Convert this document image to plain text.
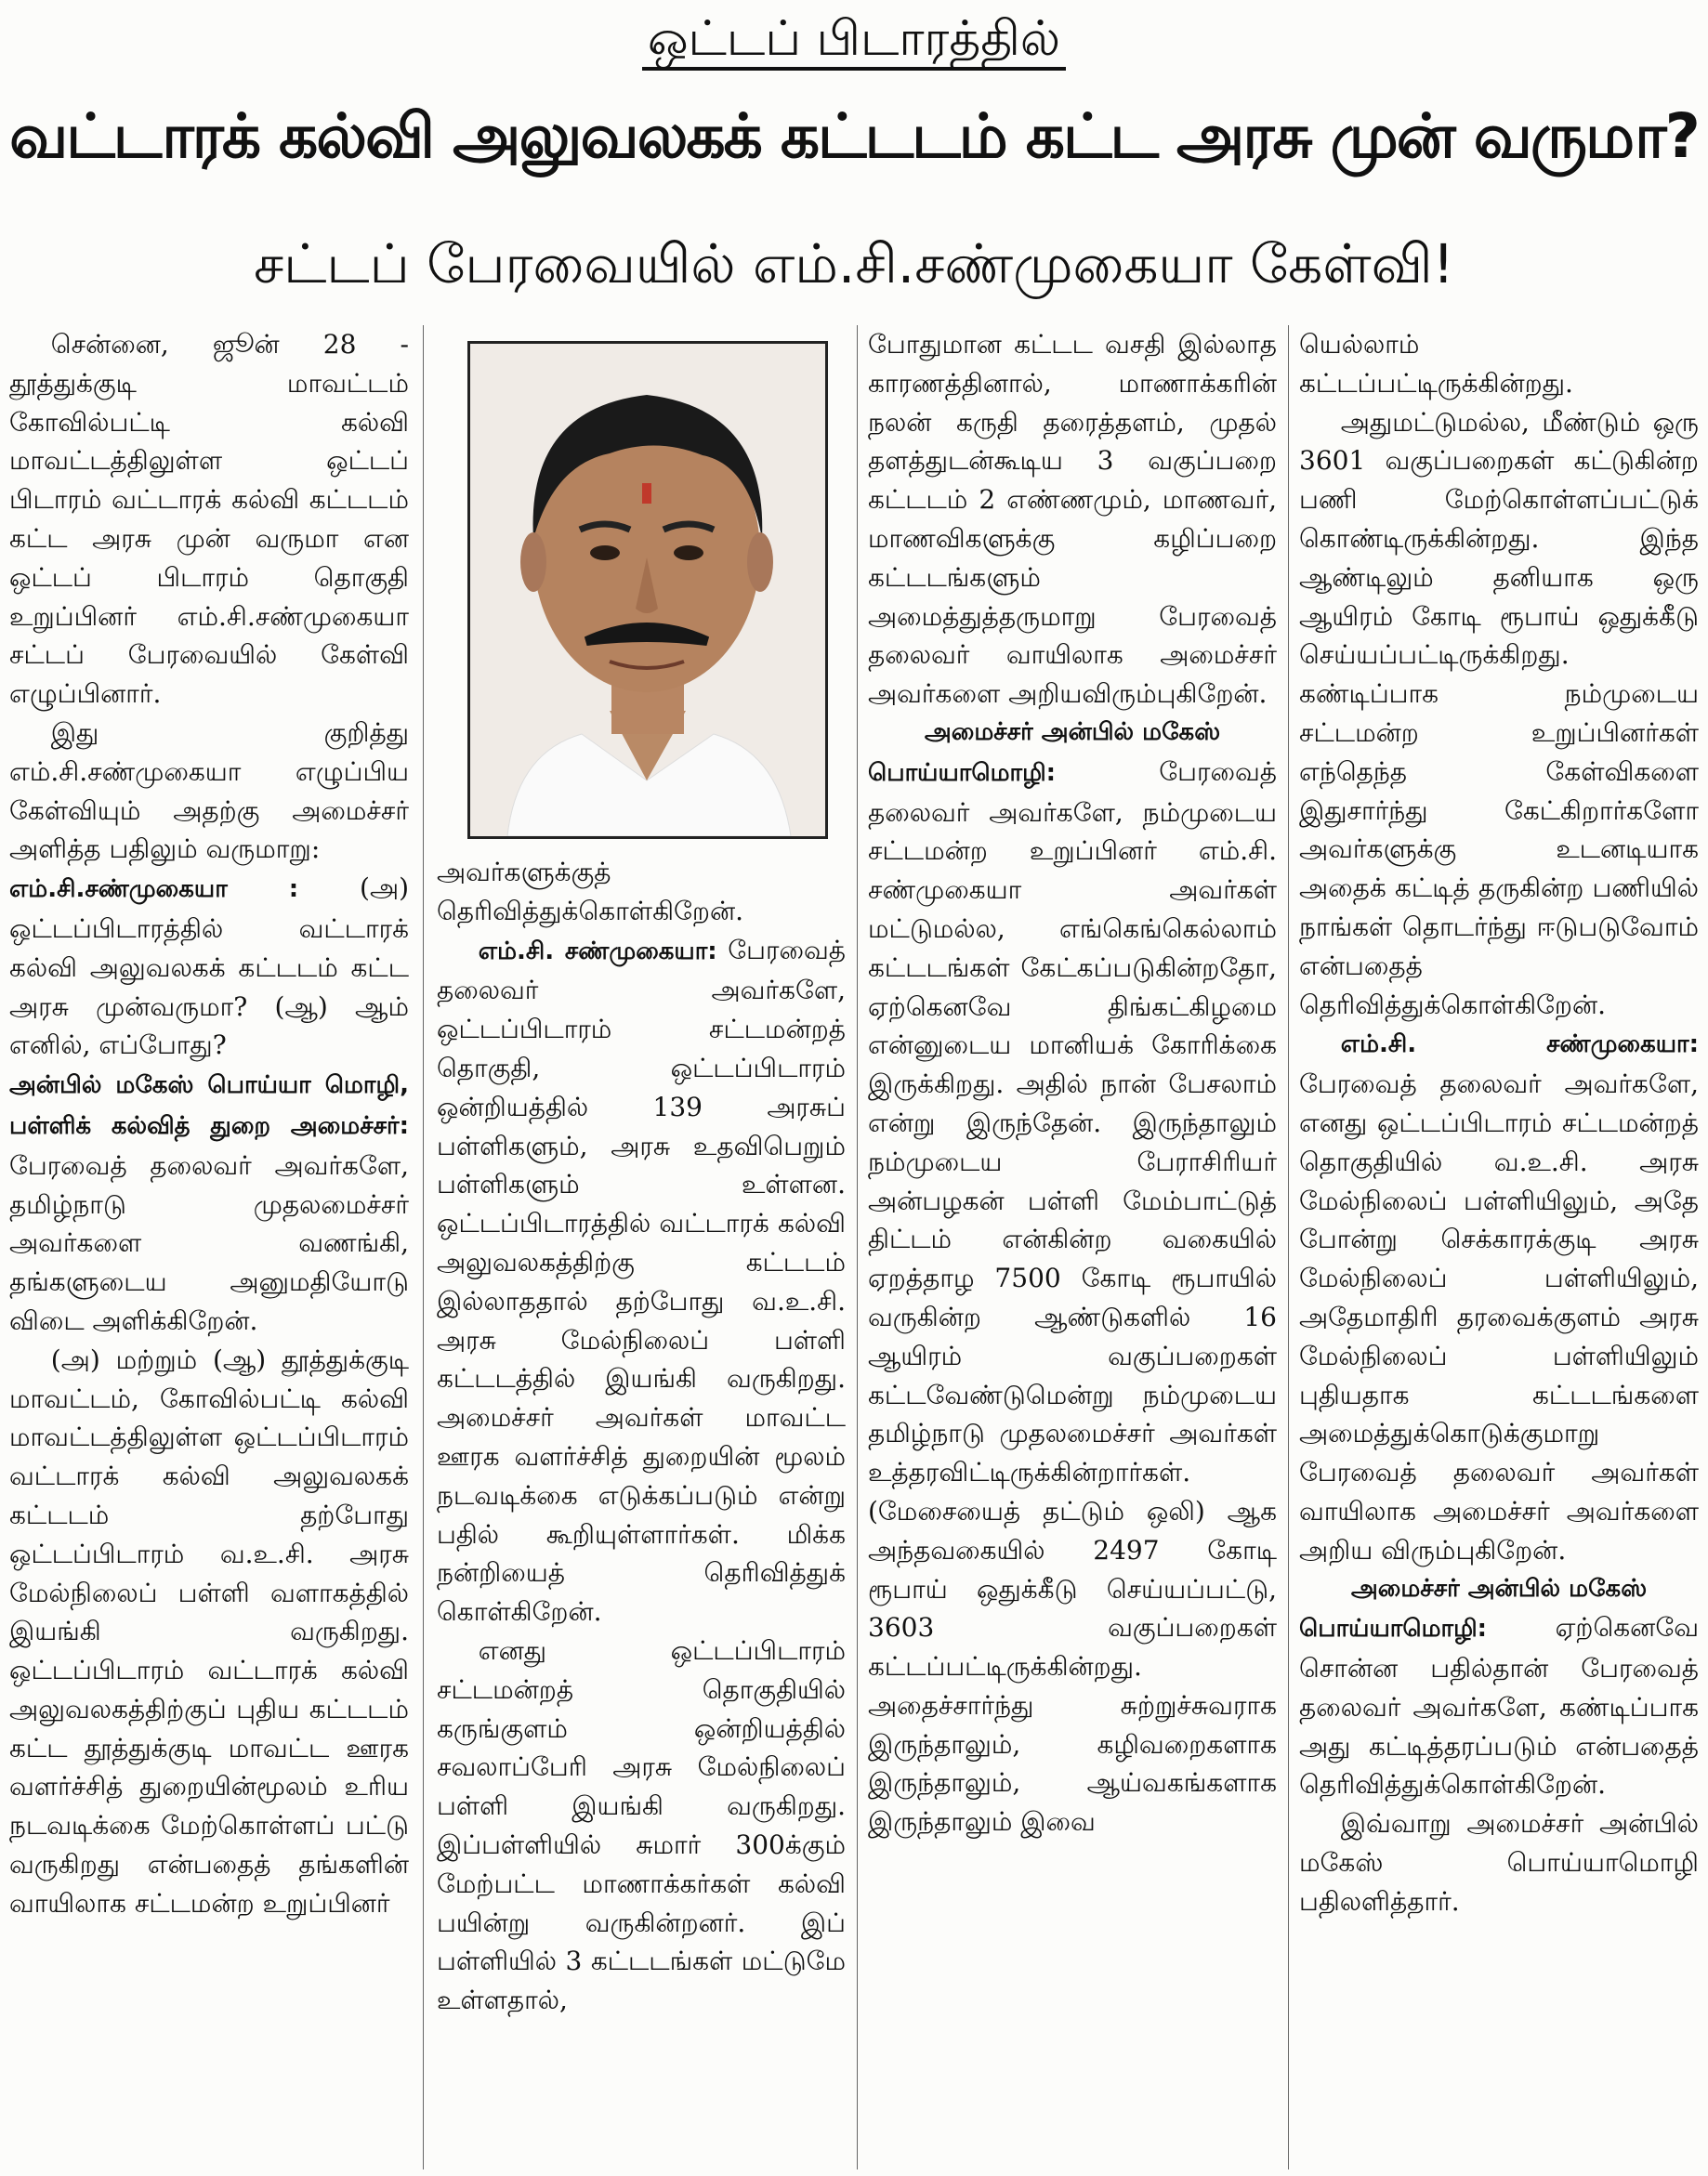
ஒட்டப் பிடாரத்தில்
வட்டாரக் கல்வி அலுவலகக் கட்டடம் கட்ட அரசு முன் வருமா?
சட்டப் பேரவையில் எம்.சி.சண்முகையா கேள்வி!

சென்னை, ஜூன் 28 - தூத்துக்குடி மாவட்டம் கோவில்பட்டி கல்வி மாவட்டத்திலுள்ள ஒட்டப் பிடாரம் வட்டாரக் கல்வி கட்டடம் கட்ட அரசு முன் வருமா என ஒட்டப் பிடாரம் தொகுதி உறுப்பினர் எம்.சி.சண்முகையா சட்டப் பேரவையில் கேள்வி எழுப்பினார்.

இது குறித்து எம்.சி.சண்முகையா எழுப்பிய கேள்வியும் அதற்கு அமைச்சர் அளித்த பதிலும் வருமாறு:

எம்.சி.சண்முகையா : (அ) ஒட்டப்பிடாரத்தில் வட்டாரக் கல்வி அலுவலகக் கட்டடம் கட்ட அரசு முன்வருமா? (ஆ) ஆம் எனில், எப்போது?

அன்பில் மகேஸ் பொய்யா மொழி, பள்ளிக் கல்வித் துறை அமைச்சர்: பேரவைத் தலைவர் அவர்களே, தமிழ்நாடு முதலமைச்சர் அவர்களை வணங்கி, தங்களுடைய அனுமதியோடு விடை அளிக்கிறேன்.

(அ) மற்றும் (ஆ) தூத்துக்குடி மாவட்டம், கோவில்பட்டி கல்வி மாவட்டத்திலுள்ள ஒட்டப்பிடாரம் வட்டாரக் கல்வி அலுவலகக் கட்டடம் தற்போது ஒட்டப்பிடாரம் வ.உ.சி. அரசு மேல்நிலைப் பள்ளி வளாகத்தில் இயங்கி வருகிறது. ஒட்டப்பிடாரம் வட்டாரக் கல்வி அலுவலகத்திற்குப் புதிய கட்டடம் கட்ட தூத்துக்குடி மாவட்ட ஊரக வளர்ச்சித் துறையின்மூலம் உரிய நடவடிக்கை மேற்கொள்ளப் பட்டு வருகிறது என்பதைத் தங்களின் வாயிலாக சட்டமன்ற உறுப்பினர்

அவர்களுக்குத் தெரிவித்துக்கொள்கிறேன்.

எம்.சி. சண்முகையா: பேரவைத் தலைவர் அவர்களே, ஒட்டப்பிடாரம் சட்டமன்றத் தொகுதி, ஒட்டப்பிடாரம் ஒன்றியத்தில் 139 அரசுப் பள்ளிகளும், அரசு உதவிபெறும் பள்ளிகளும் உள்ளன. ஒட்டப்பிடாரத்தில் வட்டாரக் கல்வி அலுவலகத்திற்கு கட்டடம் இல்லாததால் தற்போது வ.உ.சி. அரசு மேல்நிலைப் பள்ளி கட்டடத்தில் இயங்கி வருகிறது. அமைச்சர் அவர்கள் மாவட்ட ஊரக வளர்ச்சித் துறையின் மூலம் நடவடிக்கை எடுக்கப்படும் என்று பதில் கூறியுள்ளார்கள். மிக்க நன்றியைத் தெரிவித்துக் கொள்கிறேன்.

எனது ஒட்டப்பிடாரம் சட்டமன்றத் தொகுதியில் கருங்குளம் ஒன்றியத்தில் சவலாப்பேரி அரசு மேல்நிலைப் பள்ளி இயங்கி வருகிறது. இப்பள்ளியில் சுமார் 300க்கும் மேற்பட்ட மாணாக்கர்கள் கல்வி பயின்று வருகின்றனர். இப் பள்ளியில் 3 கட்டடங்கள் மட்டுமே உள்ளதால்,

போதுமான கட்டட வசதி இல்லாத காரணத்தினால், மாணாக்கரின் நலன் கருதி தரைத்தளம், முதல் தளத்துடன்கூடிய 3 வகுப்பறை கட்டடம் 2 எண்ணமும், மாணவர், மாணவிகளுக்கு கழிப்பறை கட்டடங்களும் அமைத்துத்தருமாறு பேரவைத் தலைவர் வாயிலாக அமைச்சர் அவர்களை அறியவிரும்புகிறேன்.

அமைச்சர் அன்பில் மகேஸ்

பொய்யாமொழி:	பேரவைத் தலைவர் அவர்களே, நம்முடைய சட்டமன்ற உறுப்பினர் எம்.சி. சண்முகையா அவர்கள் மட்டுமல்ல, எங்கெங்கெல்லாம் கட்டடங்கள் கேட்கப்படுகின்றதோ, ஏற்கெனவே திங்கட்கிழமை என்னுடைய மானியக் கோரிக்கை இருக்கிறது. அதில் நான் பேசலாம் என்று இருந்தேன். இருந்தாலும் நம்முடைய பேராசிரியர் அன்பழகன் பள்ளி மேம்பாட்டுத் திட்டம் என்கின்ற வகையில் ஏறத்தாழ 7500 கோடி ரூபாயில் வருகின்ற ஆண்டுகளில் 16 ஆயிரம் வகுப்பறைகள் கட்டவேண்டுமென்று நம்முடைய தமிழ்நாடு முதலமைச்சர் அவர்கள் உத்தரவிட்டிருக்கின்றார்கள். (மேசையைத் தட்டும் ஒலி) ஆக அந்தவகையில் 2497 கோடி ரூபாய் ஒதுக்கீடு செய்யப்பட்டு, 3603 வகுப்பறைகள் கட்டப்பட்டிருக்கின்றது. அதைச்சார்ந்து சுற்றுச்சுவராக இருந்தாலும், கழிவறைகளாக இருந்தாலும், ஆய்வகங்களாக இருந்தாலும் இவை

யெல்லாம் கட்டப்பட்டிருக்கின்றது.

அதுமட்டுமல்ல, மீண்டும் ஒரு 3601 வகுப்பறைகள் கட்டுகின்ற பணி மேற்கொள்ளப்பட்டுக் கொண்டிருக்கின்றது. இந்த ஆண்டிலும் தனியாக ஒரு ஆயிரம் கோடி ரூபாய் ஒதுக்கீடு செய்யப்பட்டிருக்கிறது. கண்டிப்பாக நம்முடைய சட்டமன்ற உறுப்பினர்கள் எந்தெந்த கேள்விகளை இதுசார்ந்து கேட்கிறார்களோ அவர்களுக்கு உடனடியாக அதைக் கட்டித் தருகின்ற பணியில் நாங்கள் தொடர்ந்து ஈடுபடுவோம் என்பதைத் தெரிவித்துக்கொள்கிறேன்.

எம்.சி. சண்முகையா: பேரவைத் தலைவர் அவர்களே, எனது ஒட்டப்பிடாரம் சட்டமன்றத் தொகுதியில் வ.உ.சி. அரசு மேல்நிலைப் பள்ளியிலும், அதே போன்று செக்காரக்குடி அரசு மேல்நிலைப் பள்ளியிலும், அதேமாதிரி தரவைக்குளம் அரசு மேல்நிலைப் பள்ளியிலும் புதியதாக கட்டடங்களை அமைத்துக்கொடுக்குமாறு பேரவைத் தலைவர் அவர்கள் வாயிலாக அமைச்சர் அவர்களை அறிய விரும்புகிறேன்.

அமைச்சர் அன்பில் மகேஸ்

பொய்யாமொழி:	ஏற்கெனவே சொன்ன பதில்தான் பேரவைத் தலைவர் அவர்களே, கண்டிப்பாக அது கட்டித்தரப்படும் என்பதைத் தெரிவித்துக்கொள்கிறேன்.

இவ்வாறு அமைச்சர் அன்பில் மகேஸ் பொய்யாமொழி பதிலளித்தார்.
